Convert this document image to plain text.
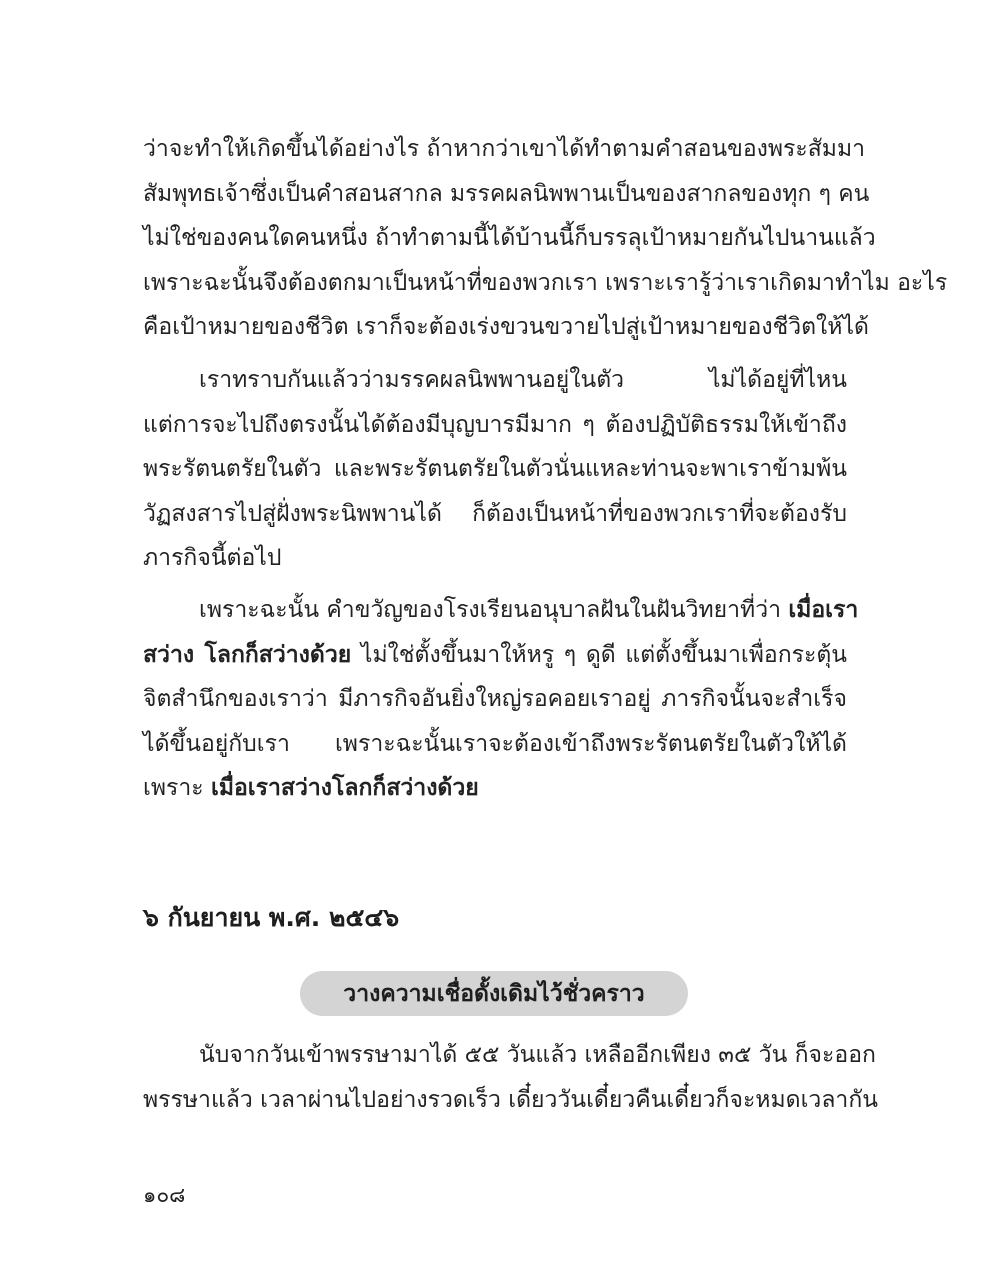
ว่าจะทำให้เกิดขึ้นได้อย่างไร ถ้าหากว่าเขาได้ทำตามคำสอนของพระสัมมา
สัมพุทธเจ้าซึ่งเป็นคำสอนสากล มรรคผลนิพพานเป็นของสากลของทุก ๆ คน
ไม่ใช่ของคนใดคนหนึ่ง ถ้าทำตามนี้ได้บ้านนี้ก็บรรลุเป้าหมายกันไปนานแล้ว
เพราะฉะนั้นจึงต้องตกมาเป็นหน้าที่ของพวกเรา เพราะเรารู้ว่าเราเกิดมาทำไม อะไร
คือเป้าหมายของชีวิต เราก็จะต้องเร่งขวนขวายไปสู่เป้าหมายของชีวิตให้ได้
เราทราบกันแล้วว่ามรรคผลนิพพานอยู่ในตัว ไม่ได้อยู่ที่ไหน
แต่การจะไปถึงตรงนั้นได้ต้องมีบุญบารมีมาก ๆ ต้องปฏิบัติธรรมให้เข้าถึง
พระรัตนตรัยในตัว และพระรัตนตรัยในตัวนั่นแหละท่านจะพาเราข้ามพ้น
วัฏสงสารไปสู่ฝั่งพระนิพพานได้ ก็ต้องเป็นหน้าที่ของพวกเราที่จะต้องรับ
ภารกิจนี้ต่อไป
เพราะฉะนั้น คำขวัญของโรงเรียนอนุบาลฝันในฝันวิทยาที่ว่า เมื่อเรา
สว่าง โลกก็สว่างด้วย ไม่ใช่ตั้งขึ้นมาให้หรู ๆ ดูดี แต่ตั้งขึ้นมาเพื่อกระตุ้น
จิตสำนึกของเราว่า มีภารกิจอันยิ่งใหญ่รอคอยเราอยู่ ภารกิจนั้นจะสำเร็จ
ได้ขึ้นอยู่กับเรา เพราะฉะนั้นเราจะต้องเข้าถึงพระรัตนตรัยในตัวให้ได้
เพราะ เมื่อเราสว่างโลกก็สว่างด้วย
๖ กันยายน พ.ศ. ๒๕๔๖
วางความเชื่อดั้งเดิมไว้ชั่วคราว
นับจากวันเข้าพรรษามาได้ ๕๕ วันแล้ว เหลืออีกเพียง ๓๕ วัน ก็จะออก
พรรษาแล้ว เวลาผ่านไปอย่างรวดเร็ว เดี๋ยววันเดี๋ยวคืนเดี๋ยวก็จะหมดเวลากัน
๑๐๘
